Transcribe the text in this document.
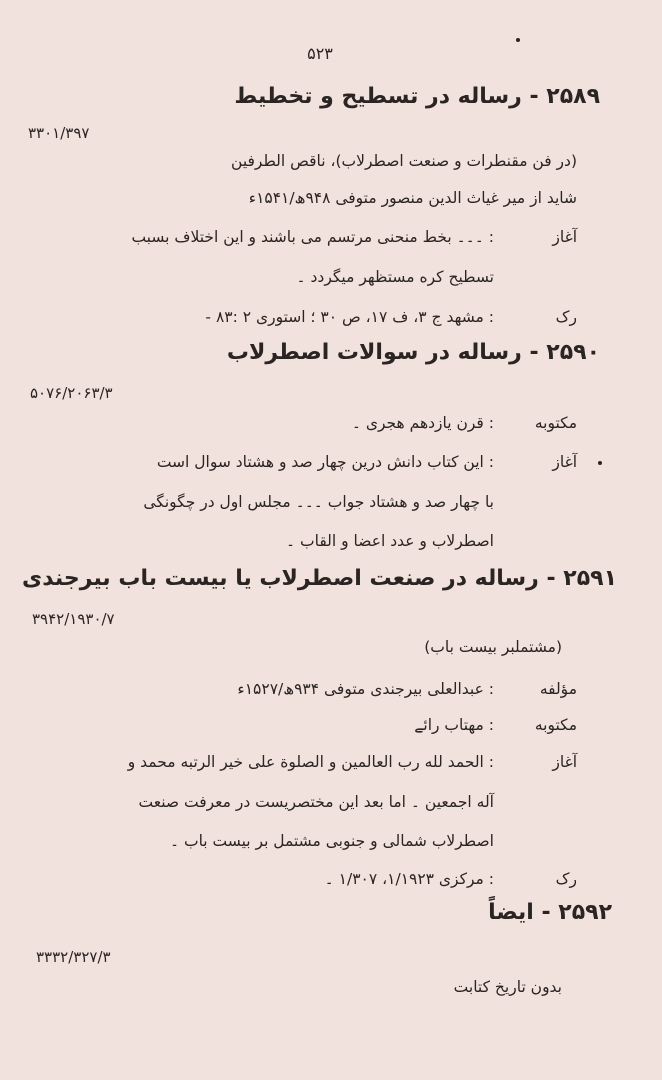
۵۲۳
۲۵۸۹ - رساله در تسطیح و تخطیط
۳۳۰۱/۳۹۷
(در فن مقنطرات و صنعت اصطرلاب)، ناقص الطرفین
شاید از میر غیاث الدین منصور متوفی ۹۴۸ھ/۱۵۴۱ء
آغاز
: ۔۔۔ بخط منحنی مرتسم می باشند و این اختلاف بسبب
تسطیح کره مستظهر میگردد ۔
رک
: مشهد ج ۳، ف ۱۷، ص ۳۰ ؛ استوری ۲ :۸۳ -
۲۵۹۰ - رساله در سوالات اصطرلاب
۵۰۷۶/۲۰۶۳/۳
مکتوبه
: قرن یازدهم هجری ۔
آغاز
: این کتاب دانش درین چهار صد و هشتاد سوال است
با چهار صد و هشتاد جواب ۔۔۔ مجلس اول در چگونگی
اصطرلاب و عدد اعضا و القاب ۔
۲۵۹۱ - رساله در صنعت اصطرلاب یا بیست باب بیرجندی
۳۹۴۲/۱۹۳۰/۷
(مشتملبر بیست باب)
مؤلفه
: عبدالعلی بیرجندی متوفی ۹۳۴ھ/۱۵۲۷ء
مکتوبه
: مهتاب رائے
آغاز
: الحمد لله رب العالمین و الصلوة علی خیر الرتبه محمد و
آله اجمعین ۔ اما بعد این مختصریست در معرفت صنعت
اصطرلاب شمالی و جنوبی مشتمل بر بیست باب ۔
رک
: مرکزی ۱/۱۹۲۳، ۱/۳۰۷ ۔
۲۵۹۲ - ایضاً
۳۳۳۲/۳۲۷/۳
بدون تاریخ کتابت
